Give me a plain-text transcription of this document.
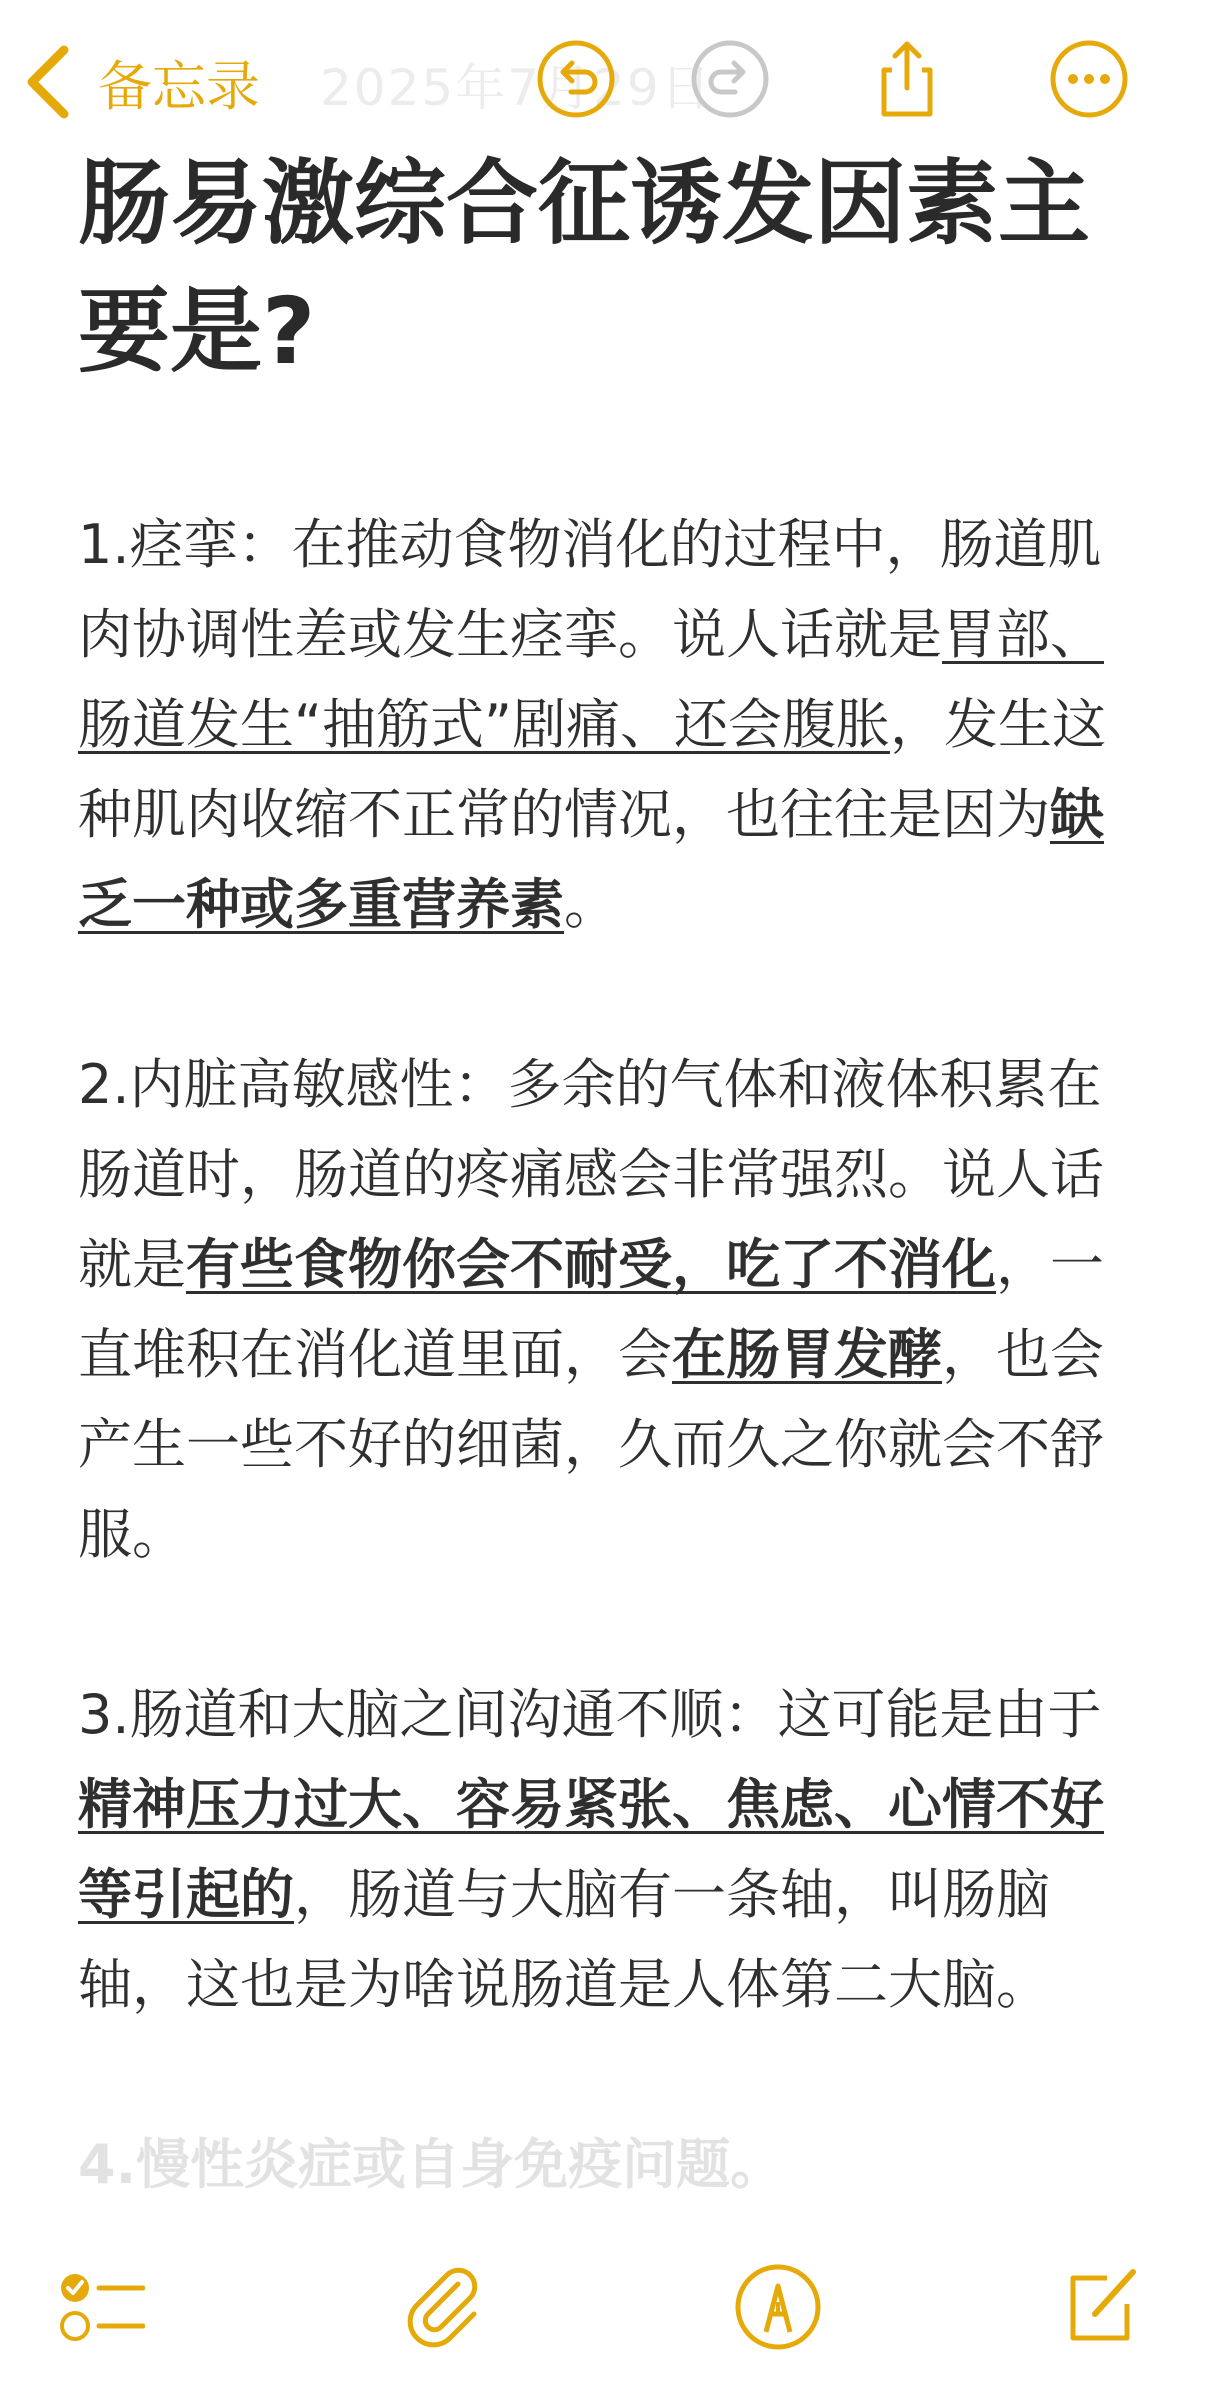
备忘录 2025年7月29日
肠易激综合征诱发因素主要是?

1.痉挛：在推动食物消化的过程中，肠道肌肉协调性差或发生痉挛。说人话就是胃部、肠道发生“抽筋式”剧痛、还会腹胀，发生这种肌肉收缩不正常的情况，也往往是因为缺乏一种或多重营养素。

2.内脏高敏感性：多余的气体和液体积累在肠道时，肠道的疼痛感会非常强烈。说人话就是有些食物你会不耐受，吃了不消化，一直堆积在消化道里面，会在肠胃发酵，也会产生一些不好的细菌，久而久之你就会不舒服。

3.肠道和大脑之间沟通不顺：这可能是由于精神压力过大、容易紧张、焦虑、心情不好等引起的，肠道与大脑有一条轴，叫肠脑轴，这也是为啥说肠道是人体第二大脑。

4.慢性炎症或自身免疫问题。
